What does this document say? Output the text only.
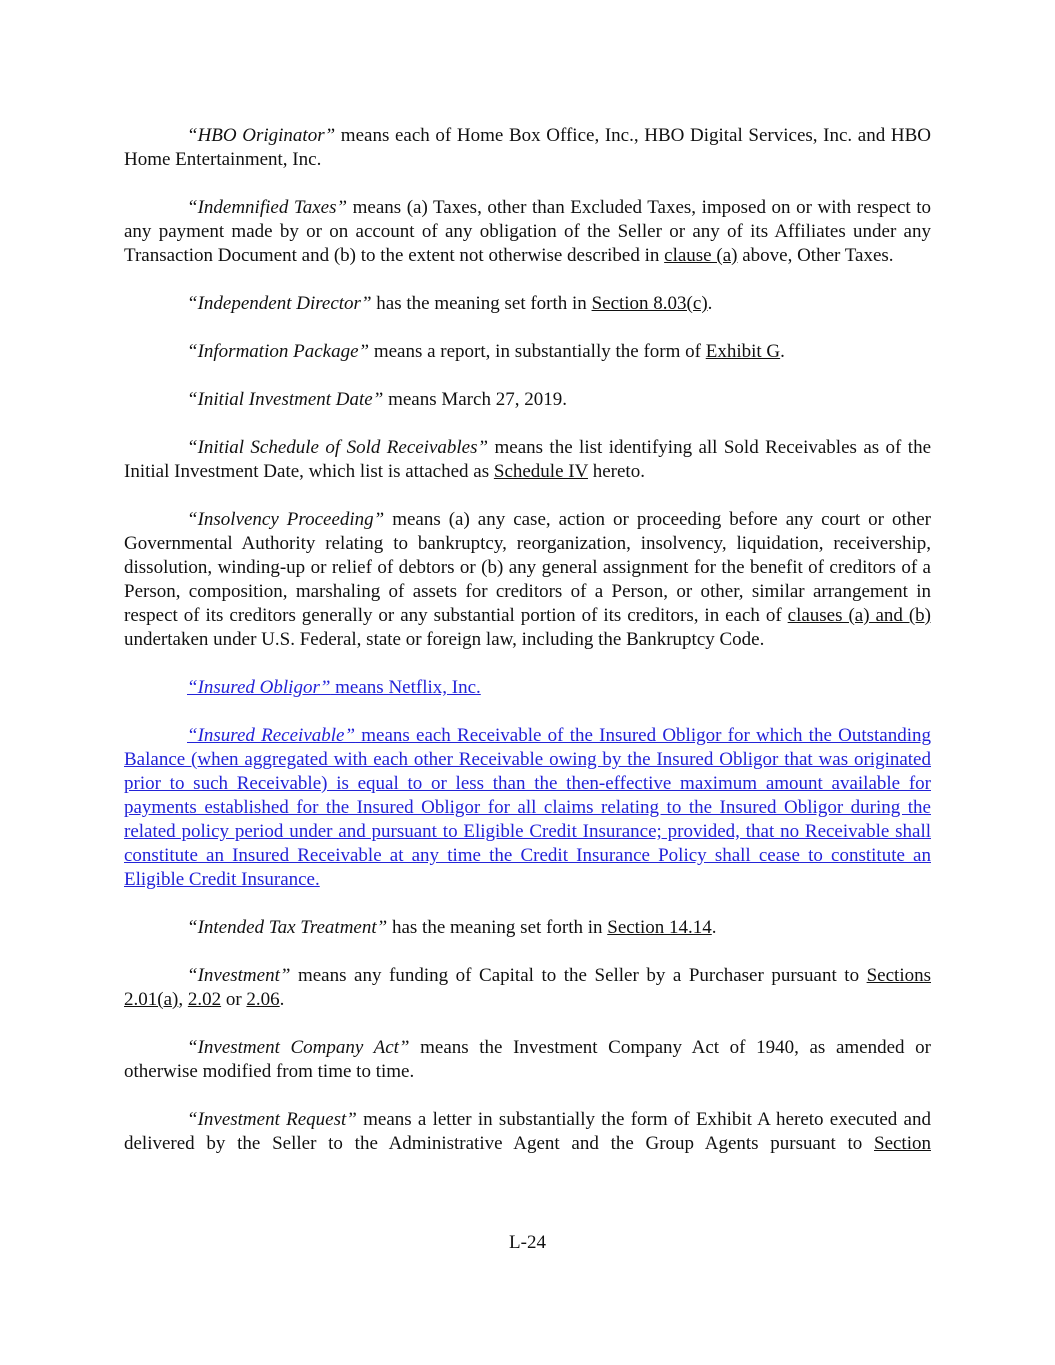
“HBO Originator” means each of Home Box Office, Inc., HBO Digital Services, Inc. and HBO Home Entertainment, Inc.

“Indemnified Taxes” means (a) Taxes, other than Excluded Taxes, imposed on or with respect to any payment made by or on account of any obligation of the Seller or any of its Affiliates under any Transaction Document and (b) to the extent not otherwise described in clause (a) above, Other Taxes.

“Independent Director” has the meaning set forth in Section 8.03(c).

“Information Package” means a report, in substantially the form of Exhibit G.

“Initial Investment Date” means March 27, 2019.

“Initial Schedule of Sold Receivables” means the list identifying all Sold Receivables as of the Initial Investment Date, which list is attached as Schedule IV hereto.

“Insolvency Proceeding” means (a) any case, action or proceeding before any court or other Governmental Authority relating to bankruptcy, reorganization, insolvency, liquidation, receivership, dissolution, winding-up or relief of debtors or (b) any general assignment for the benefit of creditors of a Person, composition, marshaling of assets for creditors of a Person, or other, similar arrangement in respect of its creditors generally or any substantial portion of its creditors, in each of clauses (a) and (b) undertaken under U.S. Federal, state or foreign law, including the Bankruptcy Code.

“Insured Obligor” means Netflix, Inc.

“Insured Receivable” means each Receivable of the Insured Obligor for which the Outstanding Balance (when aggregated with each other Receivable owing by the Insured Obligor that was originated prior to such Receivable) is equal to or less than the then-effective maximum amount available for payments established for the Insured Obligor for all claims relating to the Insured Obligor during the related policy period under and pursuant to Eligible Credit Insurance; provided, that no Receivable shall constitute an Insured Receivable at any time the Credit Insurance Policy shall cease to constitute an Eligible Credit Insurance.

“Intended Tax Treatment” has the meaning set forth in Section 14.14.

“Investment” means any funding of Capital to the Seller by a Purchaser pursuant to Sections 2.01(a), 2.02 or 2.06.

“Investment Company Act” means the Investment Company Act of 1940, as amended or otherwise modified from time to time.

“Investment Request” means a letter in substantially the form of Exhibit A hereto executed and delivered by the Seller to the Administrative Agent and the Group Agents pursuant to Section

L-24
